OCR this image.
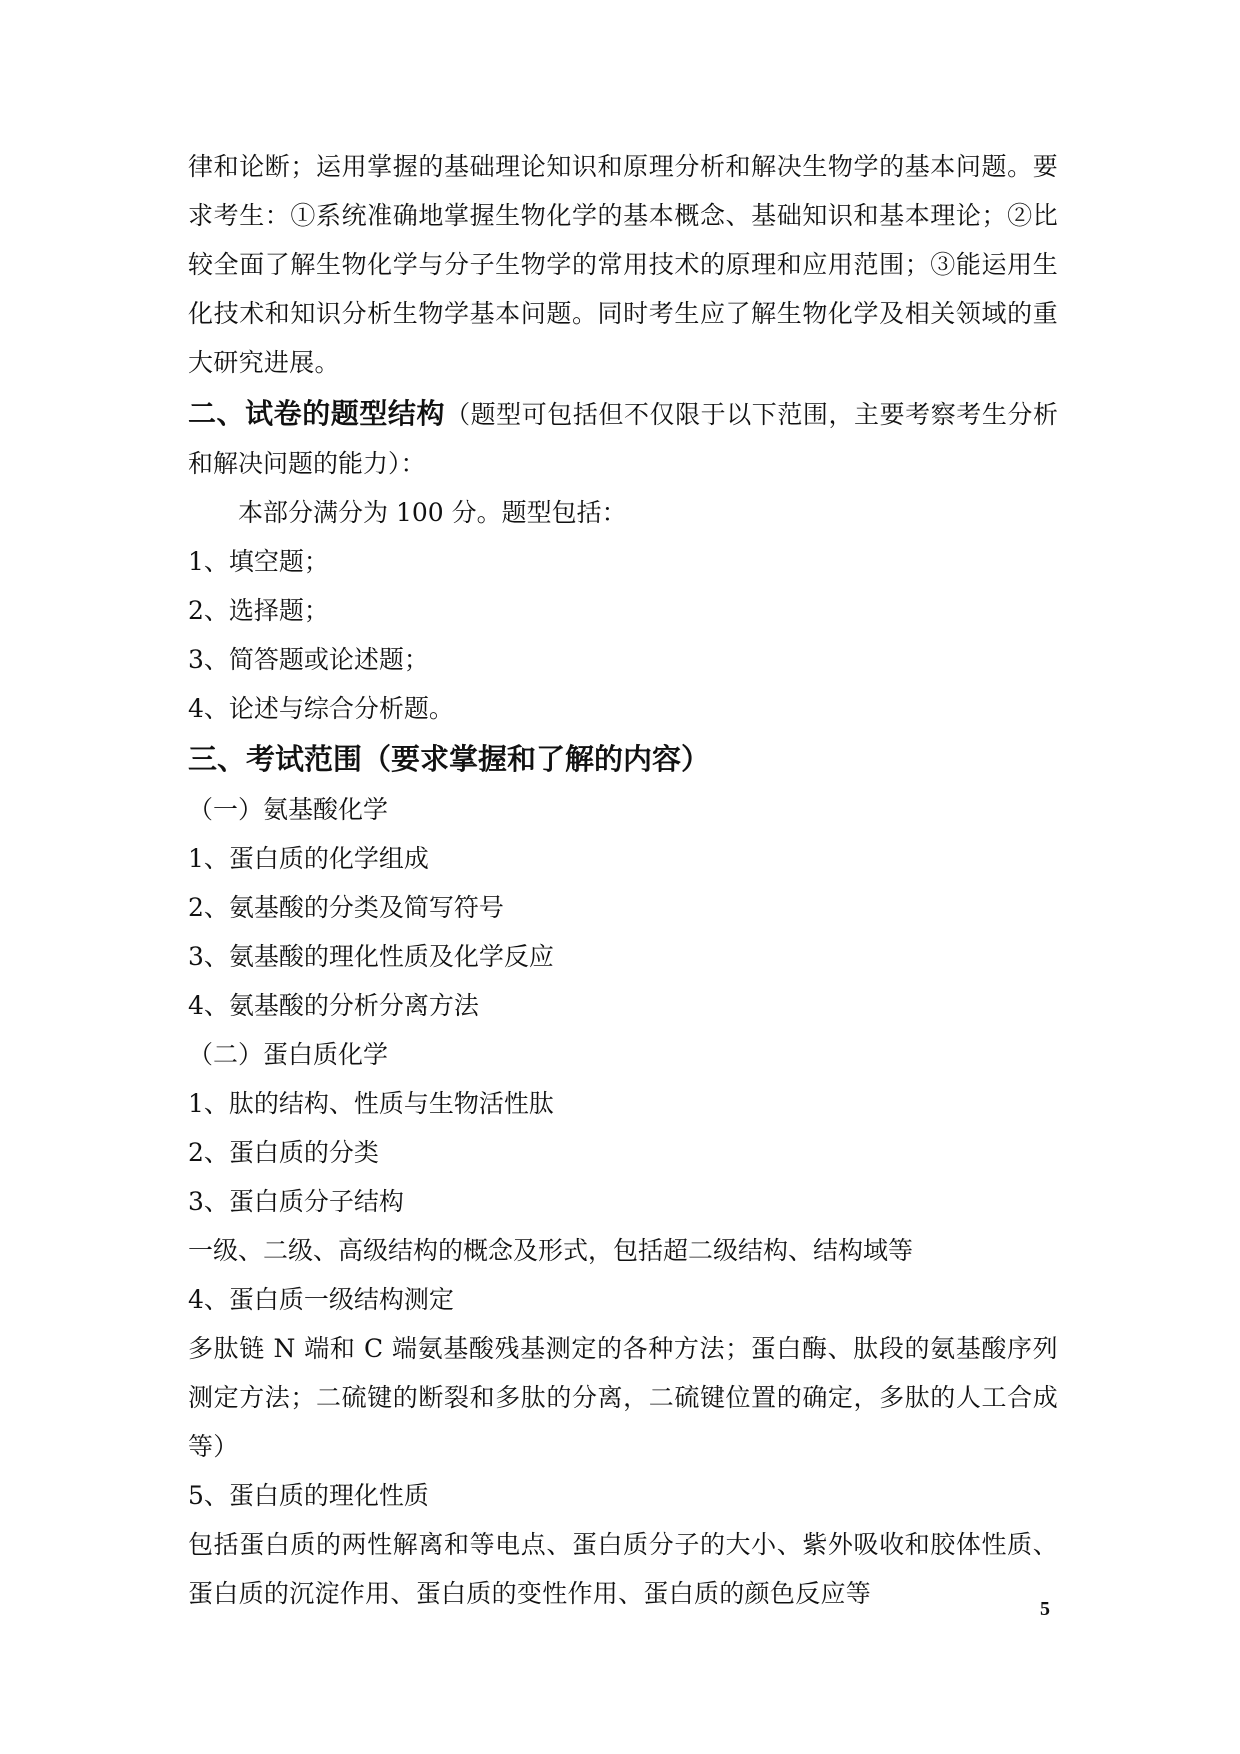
律和论断；运用掌握的基础理论知识和原理分析和解决生物学的基本问题。要求考生：①系统准确地掌握生物化学的基本概念、基础知识和基本理论；②比较全面了解生物化学与分子生物学的常用技术的原理和应用范围；③能运用生化技术和知识分析生物学基本问题。同时考生应了解生物化学及相关领域的重大研究进展。

二、试卷的题型结构（题型可包括但不仅限于以下范围，主要考察考生分析和解决问题的能力）：

本部分满分为 100 分。题型包括：

1、填空题；

2、选择题；

3、简答题或论述题；

4、论述与综合分析题。

三、考试范围（要求掌握和了解的内容）

（一）氨基酸化学

1、蛋白质的化学组成

2、氨基酸的分类及简写符号

3、氨基酸的理化性质及化学反应

4、氨基酸的分析分离方法

（二）蛋白质化学

1、肽的结构、性质与生物活性肽

2、蛋白质的分类

3、蛋白质分子结构

一级、二级、高级结构的概念及形式，包括超二级结构、结构域等

4、蛋白质一级结构测定

多肽链 N 端和 C 端氨基酸残基测定的各种方法；蛋白酶、肽段的氨基酸序列测定方法；二硫键的断裂和多肽的分离，二硫键位置的确定，多肽的人工合成等）

5、蛋白质的理化性质

包括蛋白质的两性解离和等电点、蛋白质分子的大小、紫外吸收和胶体性质、蛋白质的沉淀作用、蛋白质的变性作用、蛋白质的颜色反应等

5
